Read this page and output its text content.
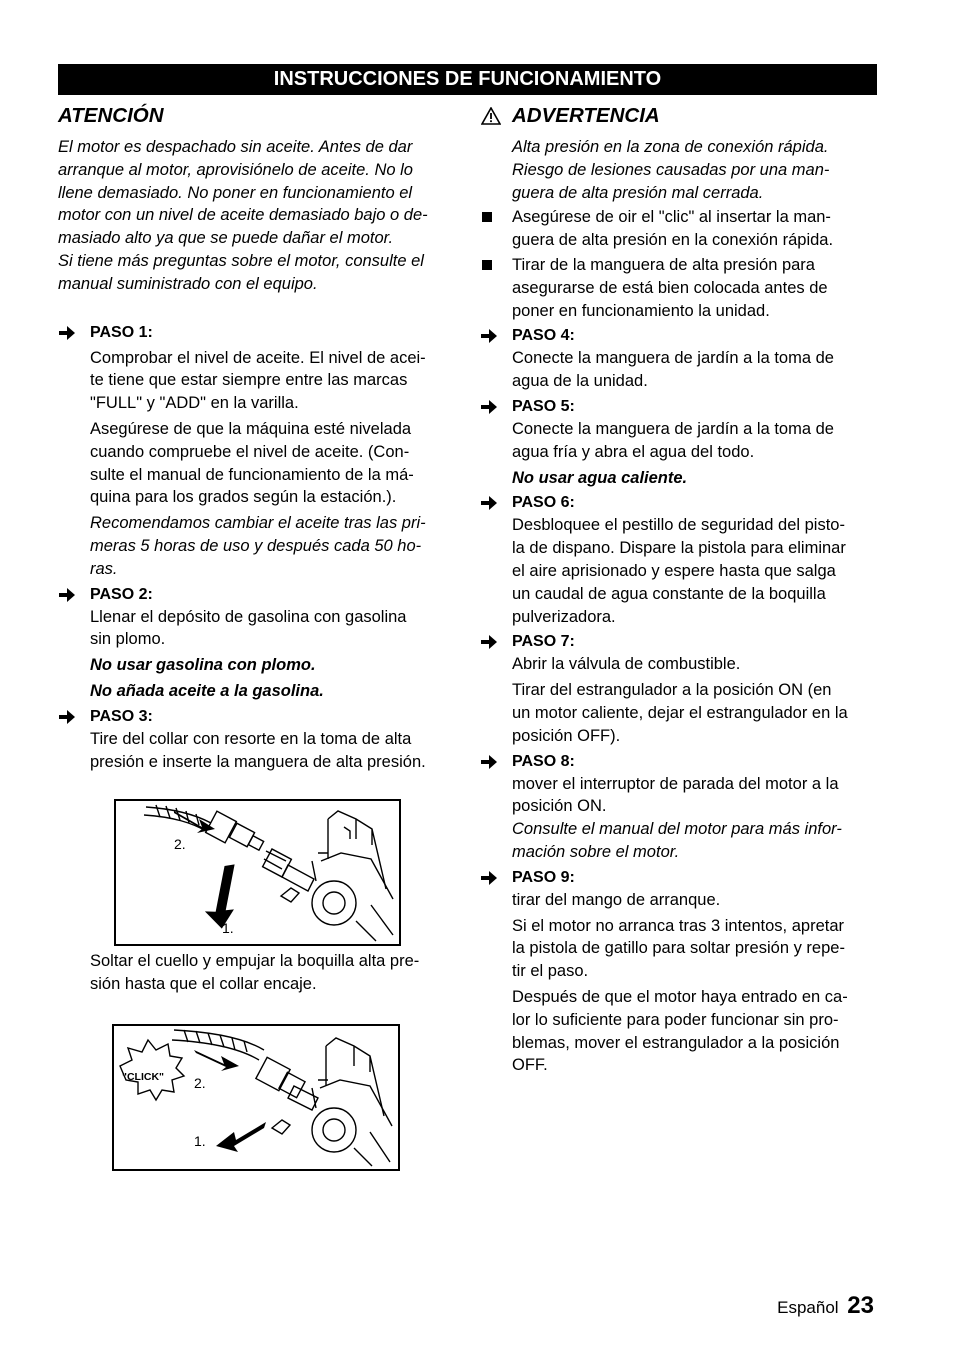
INSTRUCCIONES DE FUNCIONAMIENTO
ATENCIÓN
El motor es despachado sin aceite. Antes de dar
arranque al motor, aprovisiónelo de aceite. No lo
llene demasiado. No poner en funcionamiento el
motor con un nivel de aceite demasiado bajo o de-
masiado alto ya que se puede dañar el motor.
Si tiene más preguntas sobre el motor, consulte el
manual suministrado con el equipo.
PASO 1:
Comprobar el nivel de aceite. El nivel de acei-
te tiene que estar siempre entre las marcas
"FULL" y "ADD" en la varilla.
Asegúrese de que la máquina esté nivelada
cuando compruebe el nivel de aceite. (Con-
sulte el manual de funcionamiento de la má-
quina para los grados según la estación.).
Recomendamos cambiar el aceite tras las pri-
meras 5 horas de uso y después cada 50 ho-
ras.
PASO 2:
Llenar el depósito de gasolina con gasolina
sin plomo.
No usar gasolina con plomo.
No añada aceite a la gasolina.
PASO 3:
Tire del collar con resorte en la toma de alta
presión e inserte la manguera de alta presión.
2.
1.
Soltar el cuello y empujar la boquilla alta pre-
sión hasta que el collar encaje.
"CLICK" 2.
1.
ADVERTENCIA
Alta presión en la zona de conexión rápida.
Riesgo de lesiones causadas por una man-
guera de alta presión mal cerrada.
Asegúrese de oir el "clic" al insertar la man-
guera de alta presión en la conexión rápida.
Tirar de la manguera de alta presión para
asegurarse de está bien colocada antes de
poner en funcionamiento la unidad.
PASO 4:
Conecte la manguera de jardín a la toma de
agua de la unidad.
PASO 5:
Conecte la manguera de jardín a la toma de
agua fría y abra el agua del todo.
No usar agua caliente.
PASO 6:
Desbloquee el pestillo de seguridad del pisto-
la de dispano. Dispare la pistola para eliminar
el aire aprisionado y espere hasta que salga
un caudal de agua constante de la boquilla
pulverizadora.
PASO 7:
Abrir la válvula de combustible.
Tirar del estrangulador a la posición ON (en
un motor caliente, dejar el estrangulador en la
posición OFF).
PASO 8:
mover el interruptor de parada del motor a la
posición ON.
Consulte el manual del motor para más infor-
mación sobre el motor.
PASO 9:
tirar del mango de arranque.
Si el motor no arranca tras 3 intentos, apretar
la pistola de gatillo para soltar presión y repe-
tir el paso.
Después de que el motor haya entrado en ca-
lor lo suficiente para poder funcionar sin pro-
blemas, mover el estrangulador a la posición
OFF.
Español 23
